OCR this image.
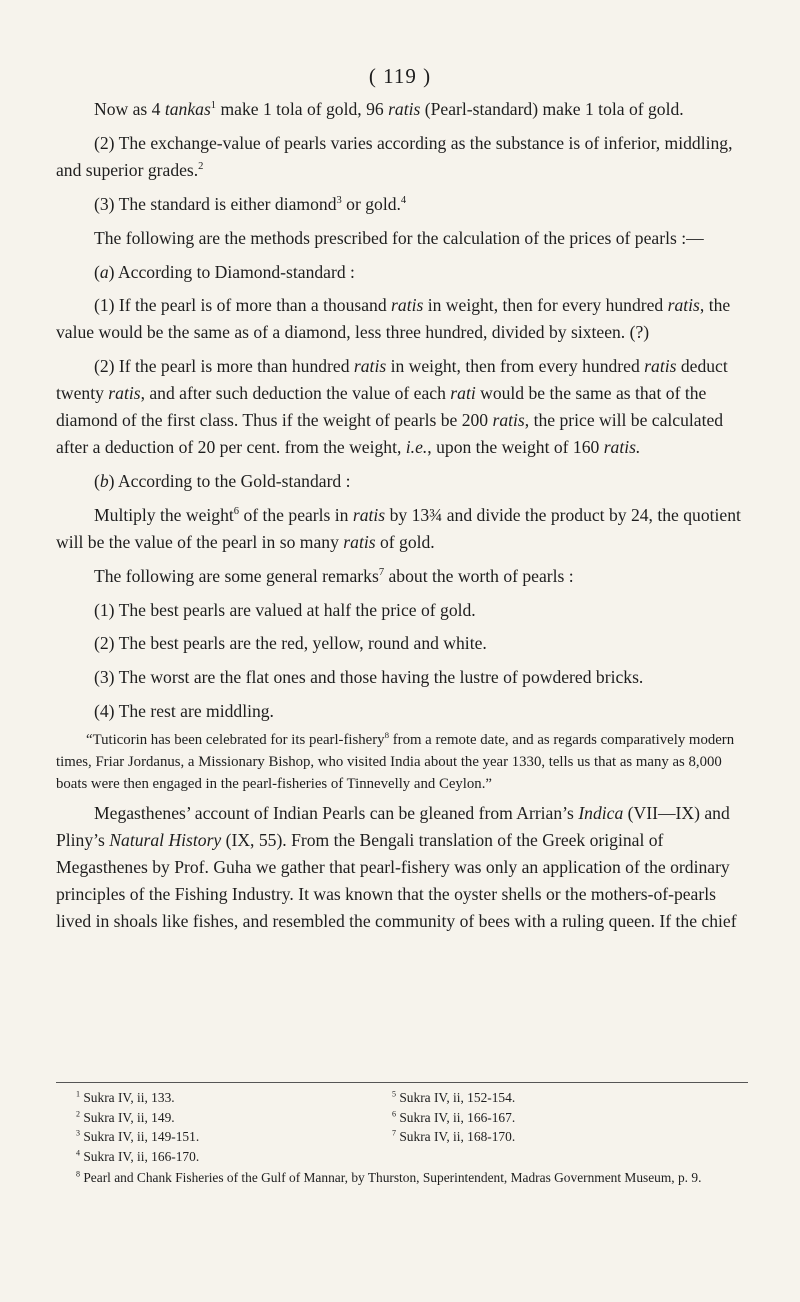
( 119 )

Now as 4 tankas$^1$ make 1 tola of gold, 96 ratis (Pearl-standard) make 1 tola of gold.

(2) The exchange-value of pearls varies according as the substance is of inferior, middling, and superior grades.$^2$

(3) The standard is either diamond$^3$ or gold.$^4$

The following are the methods prescribed for the calculation of the prices of pearls :—

(a) According to Diamond-standard :

(1) If the pearl is of more than a thousand ratis in weight, then for every hundred ratis, the value would be the same as of a diamond, less three hundred, divided by sixteen. (?)

(2) If the pearl is more than hundred ratis in weight, then from every hundred ratis deduct twenty ratis, and after such deduction the value of each rati would be the same as that of the diamond of the first class. Thus if the weight of pearls be 200 ratis, the price will be calculated after a deduction of 20 per cent. from the weight, i.e., upon the weight of 160 ratis.

(b) According to the Gold-standard :

Multiply the weight$^6$ of the pearls in ratis by 13¾ and divide the product by 24, the quotient will be the value of the pearl in so many ratis of gold.

The following are some general remarks$^7$ about the worth of pearls :

(1) The best pearls are valued at half the price of gold.

(2) The best pearls are the red, yellow, round and white.

(3) The worst are the flat ones and those having the lustre of powdered bricks.

(4) The rest are middling.

“Tuticorin has been celebrated for its pearl-fishery$^8$ from a remote date, and as regards comparatively modern times, Friar Jordanus, a Missionary Bishop, who visited India about the year 1330, tells us that as many as 8,000 boats were then engaged in the pearl-fisheries of Tinnevelly and Ceylon.”

Megasthenes’ account of Indian Pearls can be gleaned from Arrian’s Indica (VII—IX) and Pliny’s Natural History (IX, 55). From the Bengali translation of the Greek original of Megasthenes by Prof. Guha we gather that pearl-fishery was only an application of the ordinary principles of the Fishing Industry. It was known that the oyster shells or the mothers-of-pearls lived in shoals like fishes, and resembled the community of bees with a ruling queen. If the chief

$^1$ Sukra IV, ii, 133.

$^2$ Sukra IV, ii, 149.

$^3$ Sukra IV, ii, 149-151.

$^4$ Sukra IV, ii, 166-170.

$^5$ Sukra IV, ii, 152-154.

$^6$ Sukra IV, ii, 166-167.

$^7$ Sukra IV, ii, 168-170.

$^8$ Pearl and Chank Fisheries of the Gulf of Mannar, by Thurston, Superintendent, Madras Government Museum, p. 9.
